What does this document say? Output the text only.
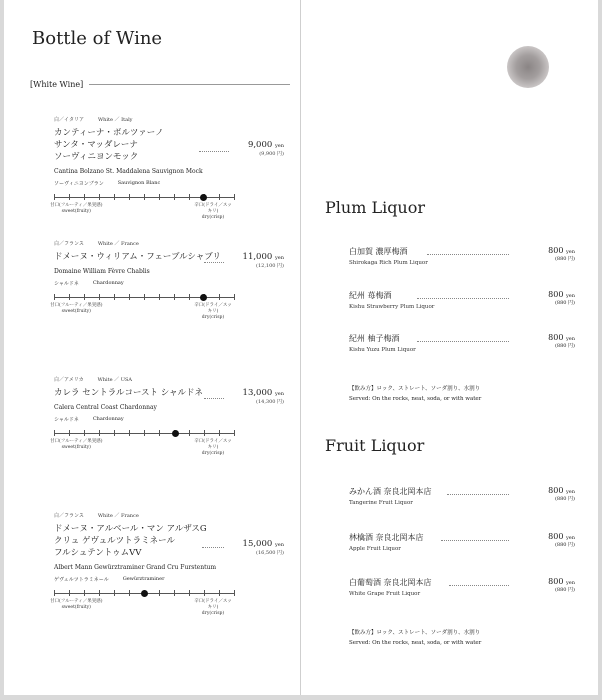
Bottle of Wine
[White Wine]
白／イタリア	White ／ Italy
カンティーナ・ボルツァーノ
サンタ・マッダレーナ
ソーヴィニヨンモック
9,000 yen
(9,900 円)
Cantina Bolzano St. Maddalena Sauvignon Mock
ソーヴィニヨンブラン	Sauvignon Blanc
甘口(フルーティ／果実感)
sweet(fruity)
辛口(ドライ／スッキリ)
dry(crisp)
白／フランス	White ／ France
ドメーヌ・ウィリアム・フェーブルシャブリ	11,000 yen
(12,100 円)
Domaine William Fèvre Chablis
シャルドネ	Chardonnay
甘口(フルーティ／果実感)
sweet(fruity)
辛口(ドライ／スッキリ)
dry(crisp)
白／アメリカ	White ／ USA
カレラ セントラルコースト シャルドネ	13,000 yen
(14,300 円)
Calera Central Coast Chardonnay
シャルドネ	Chardonnay
甘口(フルーティ／果実感)
sweet(fruity)
辛口(ドライ／スッキリ)
dry(crisp)
白／フランス	White ／ France
ドメーヌ・アルベール・マン アルザスG
クリュ ゲヴュルツトラミネール
フルシュテントゥムVV
15,000 yen
(16,500 円)
Albert Mann Gewürztraminer Grand Cru Furstentum
ゲヴュルツトラミネール	Gewürztraminer
甘口(フルーティ／果実感)
sweet(fruity)
辛口(ドライ／スッキリ)
dry(crisp)
Plum Liquor
白加賀 濃厚梅酒
Shirokaga Rich Plum Liquor
800 yen
(880 円)
紀州 苺梅酒
Kishu Strawberry Plum Liquor
800 yen
(880 円)
紀州 柚子梅酒
Kishu Yuzu Plum Liquor
800 yen
(880 円)
【飲み方】ロック、ストレート、ソーダ割り、水割り
Served: On the rocks, neat, soda, or with water
Fruit Liquor
みかん酒 奈良北岡本店
Tangerine Fruit Liquor
800 yen
(880 円)
林檎酒 奈良北岡本店
Apple Fruit Liquor
800 yen
(880 円)
白葡萄酒 奈良北岡本店
White Grape Fruit Liquor
800 yen
(880 円)
【飲み方】ロック、ストレート、ソーダ割り、水割り
Served: On the rocks, neat, soda, or with water
